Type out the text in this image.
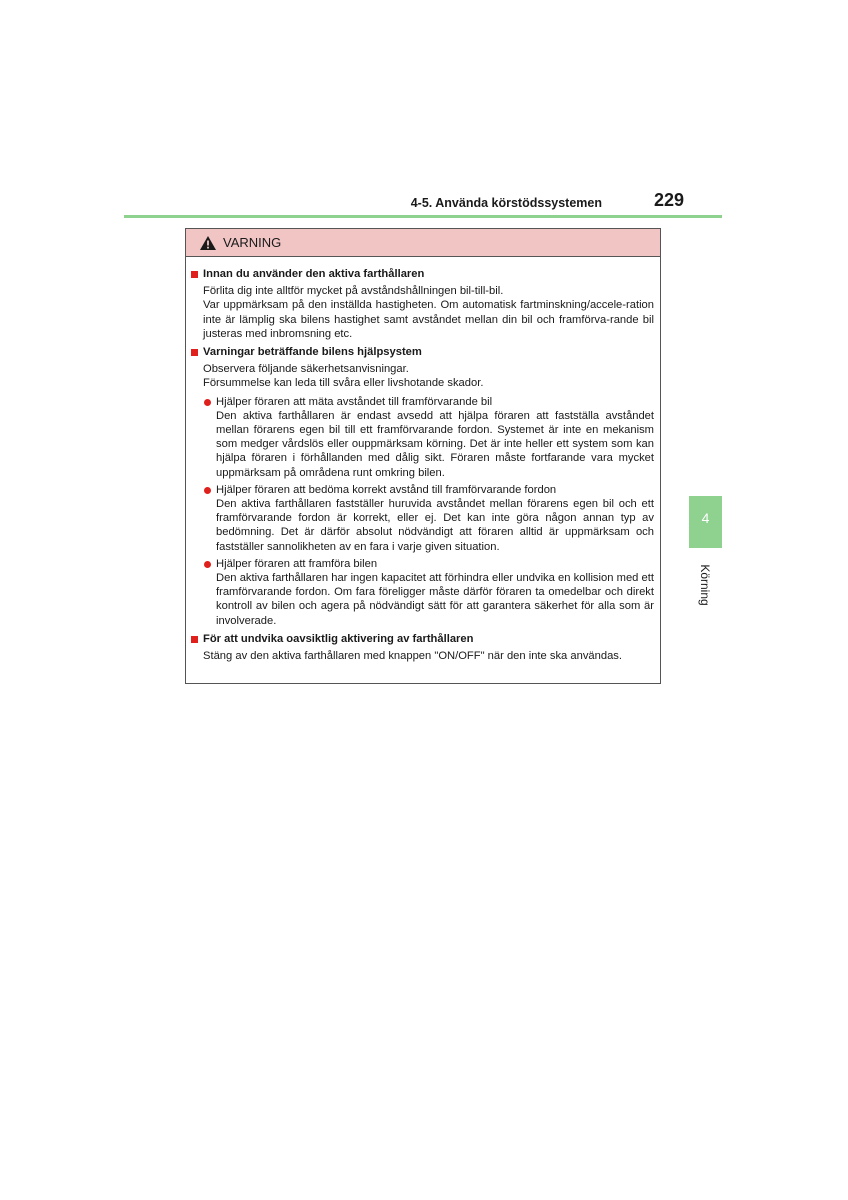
4-5. Använda körstödssystemen	229
4
Körning
VARNING
Innan du använder den aktiva farthållaren
Förlita dig inte alltför mycket på avståndshållningen bil-till-bil.
Var uppmärksam på den inställda hastigheten. Om automatisk fartminskning/accele-ration inte är lämplig ska bilens hastighet samt avståndet mellan din bil och framförva-rande bil justeras med inbromsning etc.
Varningar beträffande bilens hjälpsystem
Observera följande säkerhetsanvisningar.
Försummelse kan leda till svåra eller livshotande skador.
Hjälper föraren att mäta avståndet till framförvarande bil
Den aktiva farthållaren är endast avsedd att hjälpa föraren att fastställa avståndet mellan förarens egen bil till ett framförvarande fordon. Systemet är inte en mekanism som medger vårdslös eller ouppmärksam körning. Det är inte heller ett system som kan hjälpa föraren i förhållanden med dålig sikt. Föraren måste fortfarande vara mycket uppmärksam på områdena runt omkring bilen.
Hjälper föraren att bedöma korrekt avstånd till framförvarande fordon
Den aktiva farthållaren fastställer huruvida avståndet mellan förarens egen bil och ett framförvarande fordon är korrekt, eller ej. Det kan inte göra någon annan typ av bedömning. Det är därför absolut nödvändigt att föraren alltid är uppmärksam och fastställer sannolikheten av en fara i varje given situation.
Hjälper föraren att framföra bilen
Den aktiva farthållaren har ingen kapacitet att förhindra eller undvika en kollision med ett framförvarande fordon. Om fara föreligger måste därför föraren ta omedelbar och direkt kontroll av bilen och agera på nödvändigt sätt för att garantera säkerhet för alla som är involverade.
För att undvika oavsiktlig aktivering av farthållaren
Stäng av den aktiva farthållaren med knappen "ON/OFF" när den inte ska användas.
